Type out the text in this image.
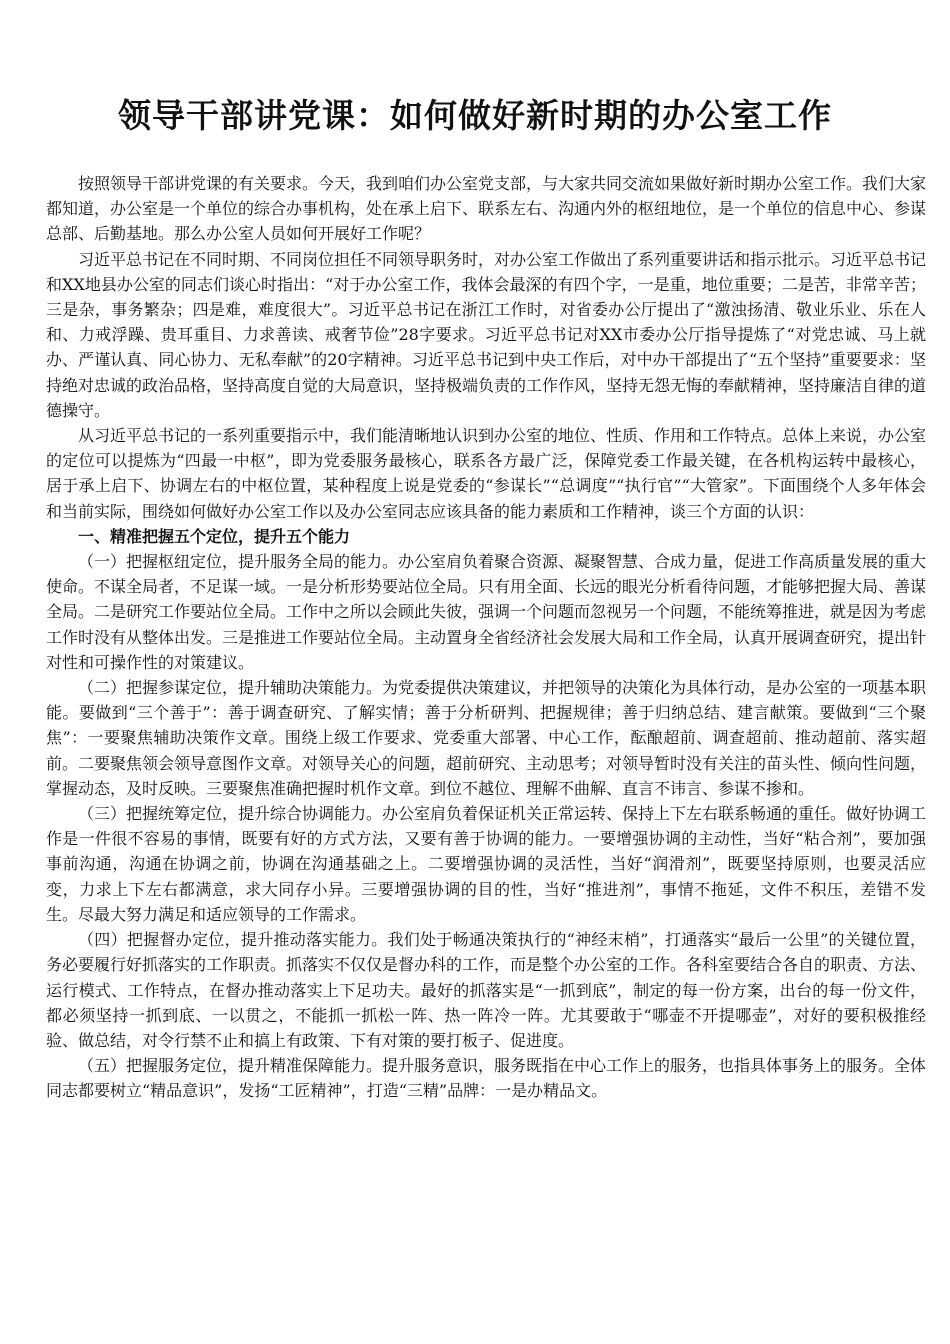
领导干部讲党课：如何做好新时期的办公室工作

按照领导干部讲党课的有关要求。今天，我到咱们办公室党支部，与大家共同交流如果做好新时期办公室工作。我们大家都知道，办公室是一个单位的综合办事机构，处在承上启下、联系左右、沟通内外的枢纽地位，是一个单位的信息中心、参谋总部、后勤基地。那么办公室人员如何开展好工作呢？

习近平总书记在不同时期、不同岗位担任不同领导职务时，对办公室工作做出了系列重要讲话和指示批示。习近平总书记和XX地县办公室的同志们谈心时指出：“对于办公室工作，我体会最深的有四个字，一是重，地位重要；二是苦，非常辛苦；三是杂，事务繁杂；四是难，难度很大”。习近平总书记在浙江工作时，对省委办公厅提出了“激浊扬清、敬业乐业、乐在人和、力戒浮躁、贵耳重目、力求善读、戒奢节俭”28字要求。习近平总书记对XX市委办公厅指导提炼了“对党忠诚、马上就办、严谨认真、同心协力、无私奉献”的20字精神。习近平总书记到中央工作后，对中办干部提出了“五个坚持”重要要求：坚持绝对忠诚的政治品格，坚持高度自觉的大局意识，坚持极端负责的工作作风，坚持无怨无悔的奉献精神，坚持廉洁自律的道德操守。

从习近平总书记的一系列重要指示中，我们能清晰地认识到办公室的地位、性质、作用和工作特点。总体上来说，办公室的定位可以提炼为“四最一中枢”，即为党委服务最核心，联系各方最广泛，保障党委工作最关键，在各机构运转中最核心，居于承上启下、协调左右的中枢位置，某种程度上说是党委的“参谋长”“总调度”“执行官”“大管家”。下面围绕个人多年体会和当前实际，围绕如何做好办公室工作以及办公室同志应该具备的能力素质和工作精神，谈三个方面的认识：

一、精准把握五个定位，提升五个能力

（一）把握枢纽定位，提升服务全局的能力。办公室肩负着聚合资源、凝聚智慧、合成力量，促进工作高质量发展的重大使命。不谋全局者，不足谋一域。一是分析形势要站位全局。只有用全面、长远的眼光分析看待问题，才能够把握大局、善谋全局。二是研究工作要站位全局。工作中之所以会顾此失彼，强调一个问题而忽视另一个问题，不能统筹推进，就是因为考虑工作时没有从整体出发。三是推进工作要站位全局。主动置身全省经济社会发展大局和工作全局，认真开展调查研究，提出针对性和可操作性的对策建议。

（二）把握参谋定位，提升辅助决策能力。为党委提供决策建议，并把领导的决策化为具体行动，是办公室的一项基本职能。要做到“三个善于”：善于调查研究、了解实情；善于分析研判、把握规律；善于归纳总结、建言献策。要做到“三个聚焦”：一要聚焦辅助决策作文章。围绕上级工作要求、党委重大部署、中心工作，酝酿超前、调查超前、推动超前、落实超前。二要聚焦领会领导意图作文章。对领导关心的问题，超前研究、主动思考；对领导暂时没有关注的苗头性、倾向性问题，掌握动态，及时反映。三要聚焦准确把握时机作文章。到位不越位、理解不曲解、直言不讳言、参谋不掺和。

（三）把握统筹定位，提升综合协调能力。办公室肩负着保证机关正常运转、保持上下左右联系畅通的重任。做好协调工作是一件很不容易的事情，既要有好的方式方法，又要有善于协调的能力。一要增强协调的主动性，当好“粘合剂”，要加强事前沟通，沟通在协调之前，协调在沟通基础之上。二要增强协调的灵活性，当好“润滑剂”，既要坚持原则，也要灵活应变，力求上下左右都满意，求大同存小异。三要增强协调的目的性，当好“推进剂”，事情不拖延，文件不积压，差错不发生。尽最大努力满足和适应领导的工作需求。

（四）把握督办定位，提升推动落实能力。我们处于畅通决策执行的“神经末梢”，打通落实“最后一公里”的关键位置，务必要履行好抓落实的工作职责。抓落实不仅仅是督办科的工作，而是整个办公室的工作。各科室要结合各自的职责、方法、运行模式、工作特点，在督办推动落实上下足功夫。最好的抓落实是“一抓到底”，制定的每一份方案，出台的每一份文件，都必须坚持一抓到底、一以贯之，不能抓一抓松一阵、热一阵冷一阵。尤其要敢于“哪壶不开提哪壶”，对好的要积极推经验、做总结，对令行禁不止和搞上有政策、下有对策的要打板子、促进度。

（五）把握服务定位，提升精准保障能力。提升服务意识，服务既指在中心工作上的服务，也指具体事务上的服务。全体同志都要树立“精品意识”，发扬“工匠精神”，打造“三精”品牌：一是办精品文。
